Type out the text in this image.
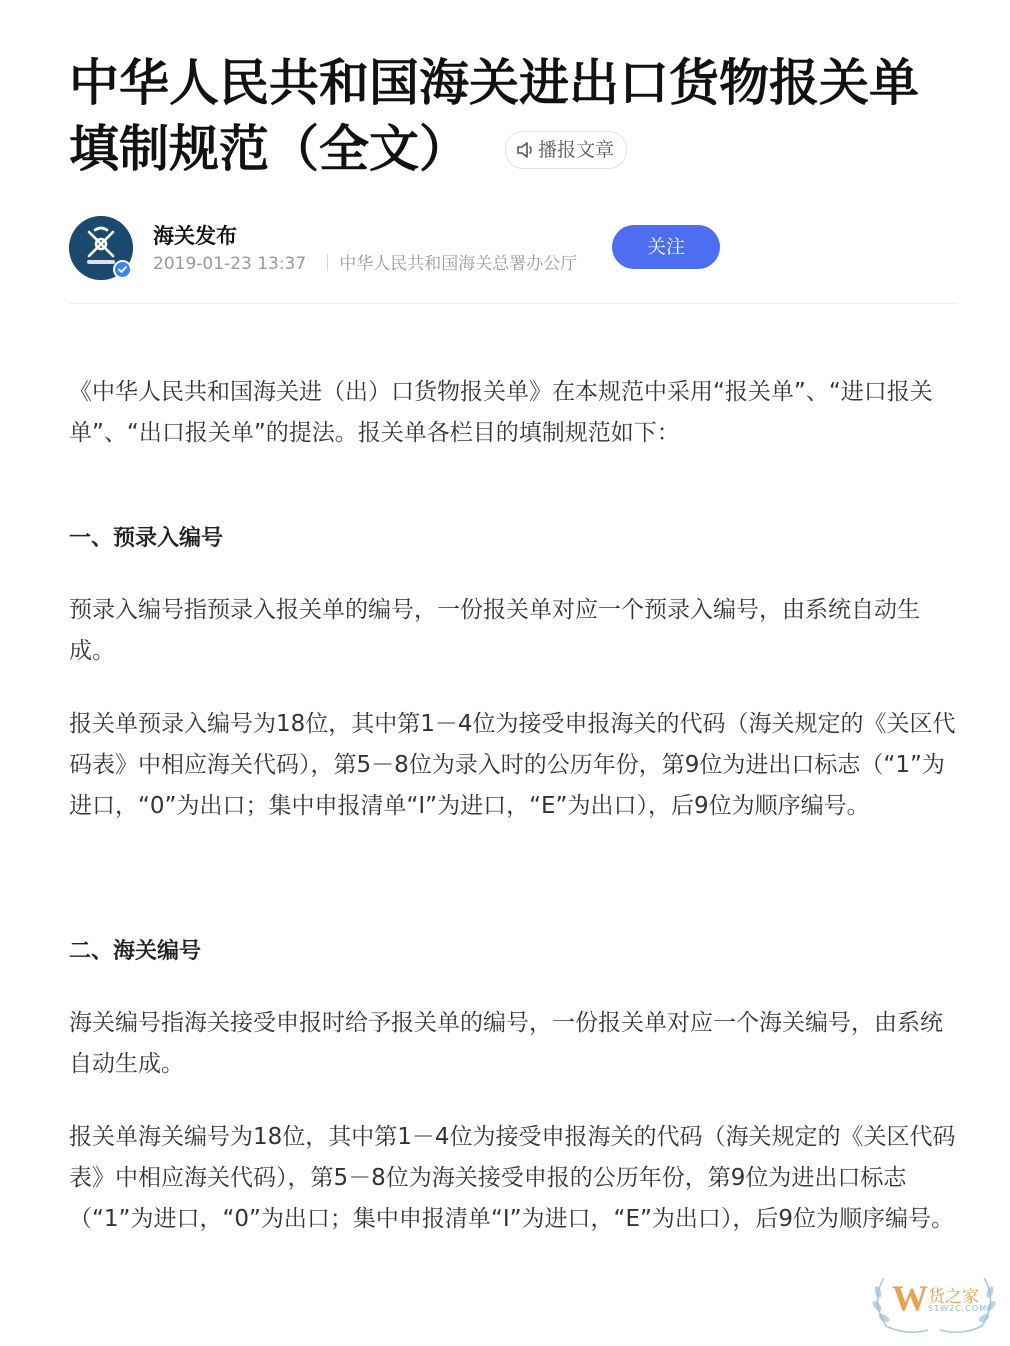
中华人民共和国海关进出口货物报关单填制规范（全文）	播报文章
海关发布
2019-01-23 13:37 中华人民共和国海关总署办公厅
关注

《中华人民共和国海关进（出）口货物报关单》在本规范中采用“报关单”、“进口报关单”、“出口报关单”的提法。报关单各栏目的填制规范如下：

一、预录入编号

预录入编号指预录入报关单的编号，一份报关单对应一个预录入编号，由系统自动生成。

报关单预录入编号为18位，其中第1－4位为接受申报海关的代码（海关规定的《关区代码表》中相应海关代码），第5－8位为录入时的公历年份，第9位为进出口标志（“1”为进口，“0”为出口；集中申报清单“I”为进口，“E”为出口），后9位为顺序编号。

二、海关编号

海关编号指海关接受申报时给予报关单的编号，一份报关单对应一个海关编号，由系统自动生成。

报关单海关编号为18位，其中第1－4位为接受申报海关的代码（海关规定的《关区代码表》中相应海关代码），第5－8位为海关接受申报的公历年份，第9位为进出口标志（“1”为进口，“0”为出口；集中申报清单“I”为进口，“E”为出口），后9位为顺序编号。

W 货之家
51W2C.COM
